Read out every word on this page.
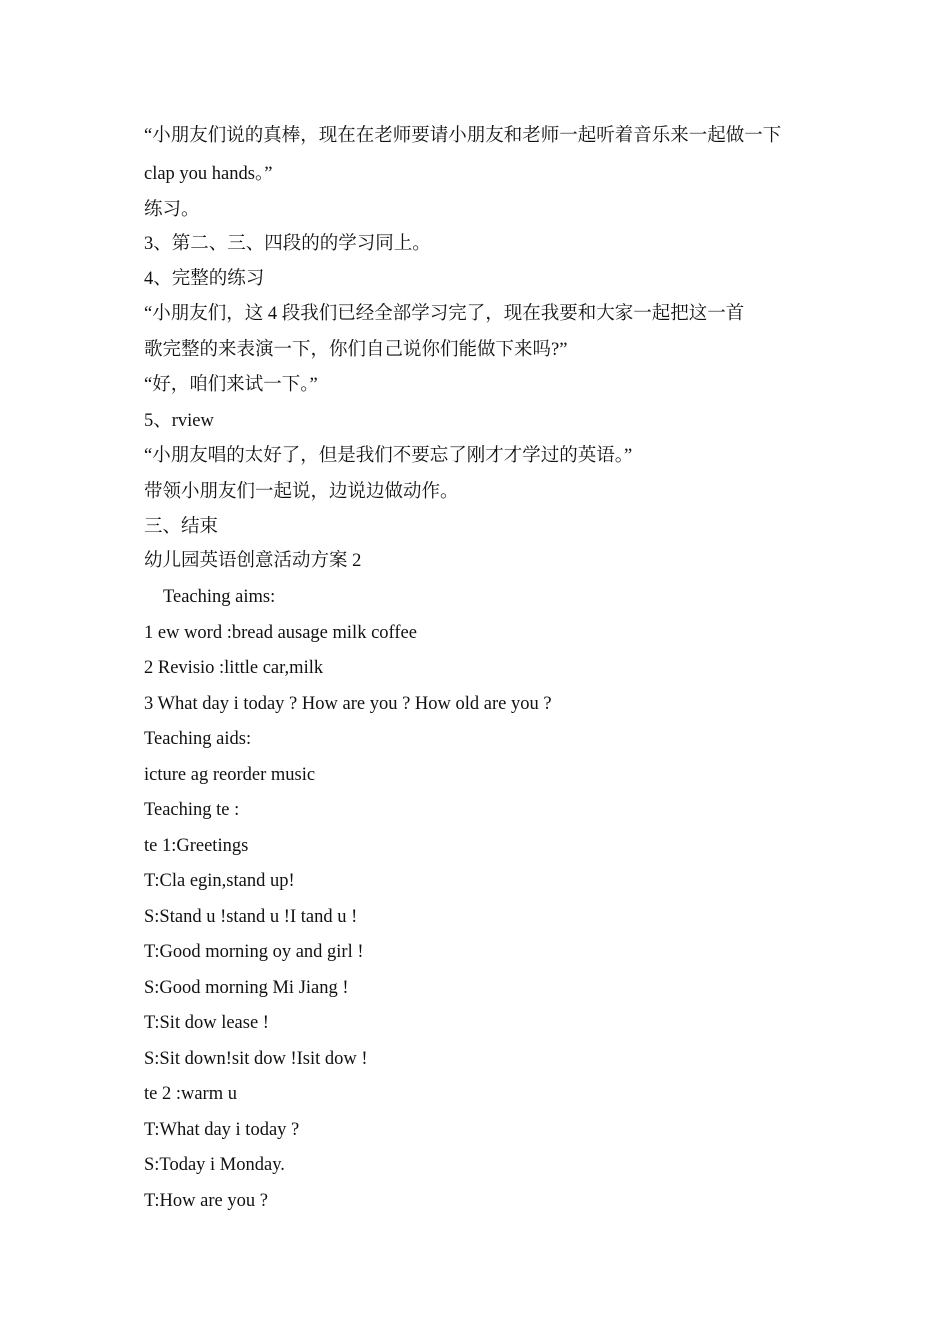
“小朋友们说的真棒，现在在老师要请小朋友和老师一起听着音乐来一起做一下

clap you hands。”

练习。

3、第二、三、四段的的学习同上。

4、完整的练习

“小朋友们，这 4 段我们已经全部学习完了，现在我要和大家一起把这一首

歌完整的来表演一下，你们自己说你们能做下来吗?”

“好，咱们来试一下。”

5、rview

“小朋友唱的太好了，但是我们不要忘了刚才才学过的英语。”

带领小朋友们一起说，边说边做动作。

三、结束

幼儿园英语创意活动方案 2

Teaching aims:

1 ew word :bread ausage milk coffee

2 Revisio :little car,milk

3 What day i today ? How are you ? How old are you ?

Teaching aids:

icture ag reorder music

Teaching te :

te 1:Greetings

T:Cla egin,stand up!

S:Stand u !stand u !I tand u !

T:Good morning oy and girl !

S:Good morning Mi Jiang !

T:Sit dow lease !

S:Sit down!sit dow !Isit dow !

te 2 :warm u

T:What day i today ?

S:Today i Monday.

T:How are you ?
